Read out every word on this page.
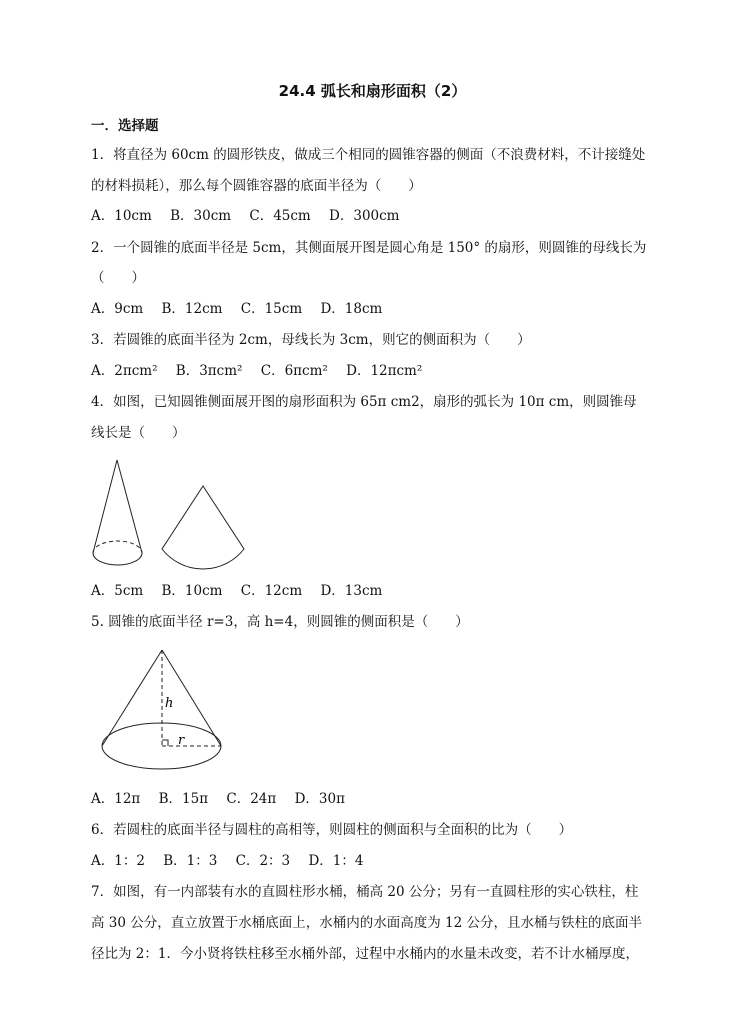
24.4 弧长和扇形面积（2）
一．选择题
1．将直径为 60cm 的圆形铁皮，做成三个相同的圆锥容器的侧面（不浪费材料，不计接缝处
的材料损耗），那么每个圆锥容器的底面半径为（　　）
A．10cm B．30cm C．45cm D．300cm
2．一个圆锥的底面半径是 5cm，其侧面展开图是圆心角是 150° 的扇形，则圆锥的母线长为
（　　）
A．9cm B．12cm C．15cm D．18cm
3．若圆锥的底面半径为 2cm，母线长为 3cm，则它的侧面积为（　　）
A．2πcm² B．3πcm² C．6πcm² D．12πcm²
4．如图，已知圆锥侧面展开图的扇形面积为 65π cm2，扇形的弧长为 10π cm，则圆锥母
线长是（　　）
A．5cm B．10cm C．12cm D．13cm
5. 圆锥的底面半径 r=3，高 h=4，则圆锥的侧面积是（　　）
h
r
A．12π B．15π C．24π D．30π
6．若圆柱的底面半径与圆柱的高相等，则圆柱的侧面积与全面积的比为（　　）
A．1：2 B．1：3 C．2：3 D．1：4
7．如图，有一内部装有水的直圆柱形水桶，桶高 20 公分；另有一直圆柱形的实心铁柱，柱
高 30 公分，直立放置于水桶底面上，水桶内的水面高度为 12 公分，且水桶与铁柱的底面半
径比为 2：1．今小贤将铁柱移至水桶外部，过程中水桶内的水量未改变，若不计水桶厚度，
